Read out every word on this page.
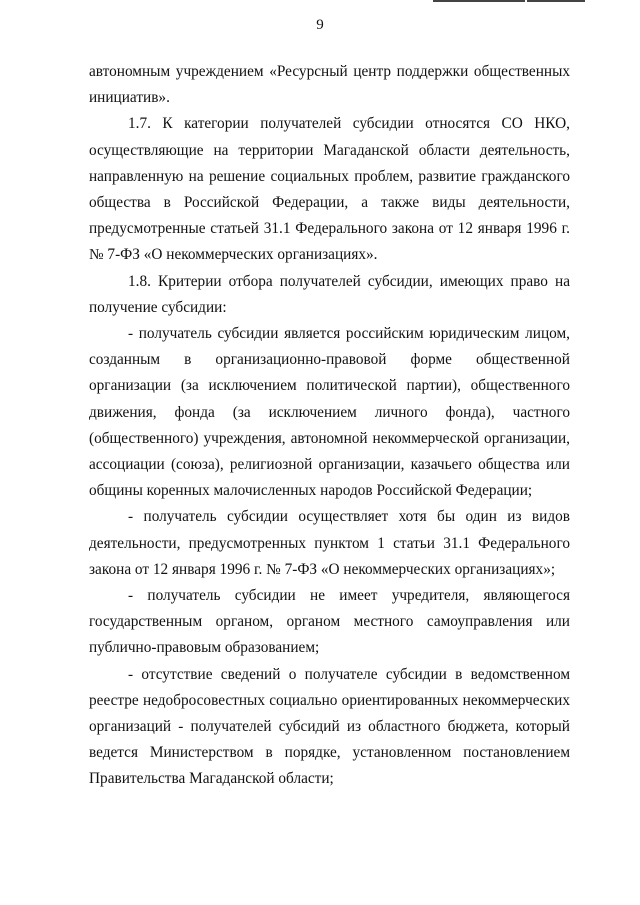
9

автономным учреждением «Ресурсный центр поддержки общественных инициатив».

1.7. К категории получателей субсидии относятся СО НКО, осуществляющие на территории Магаданской области деятельность, направленную на решение социальных проблем, развитие гражданского общества в Российской Федерации, а также виды деятельности, предусмотренные статьей 31.1 Федерального закона от 12 января 1996 г. № 7-ФЗ «О некоммерческих организациях».

1.8. Критерии отбора получателей субсидии, имеющих право на получение субсидии:

- получатель субсидии является российским юридическим лицом, созданным в организационно-правовой форме общественной организации (за исключением политической партии), общественного движения, фонда (за исключением личного фонда), частного (общественного) учреждения, автономной некоммерческой организации, ассоциации (союза), религиозной организации, казачьего общества или общины коренных малочисленных народов Российской Федерации;

- получатель субсидии осуществляет хотя бы один из видов деятельности, предусмотренных пунктом 1 статьи 31.1 Федерального закона от 12 января 1996 г. № 7-ФЗ «О некоммерческих организациях»;

- получатель субсидии не имеет учредителя, являющегося государственным органом, органом местного самоуправления или публично-правовым образованием;

- отсутствие сведений о получателе субсидии в ведомственном реестре недобросовестных социально ориентированных некоммерческих организаций - получателей субсидий из областного бюджета, который ведется Министерством в порядке, установленном постановлением Правительства Магаданской области;
